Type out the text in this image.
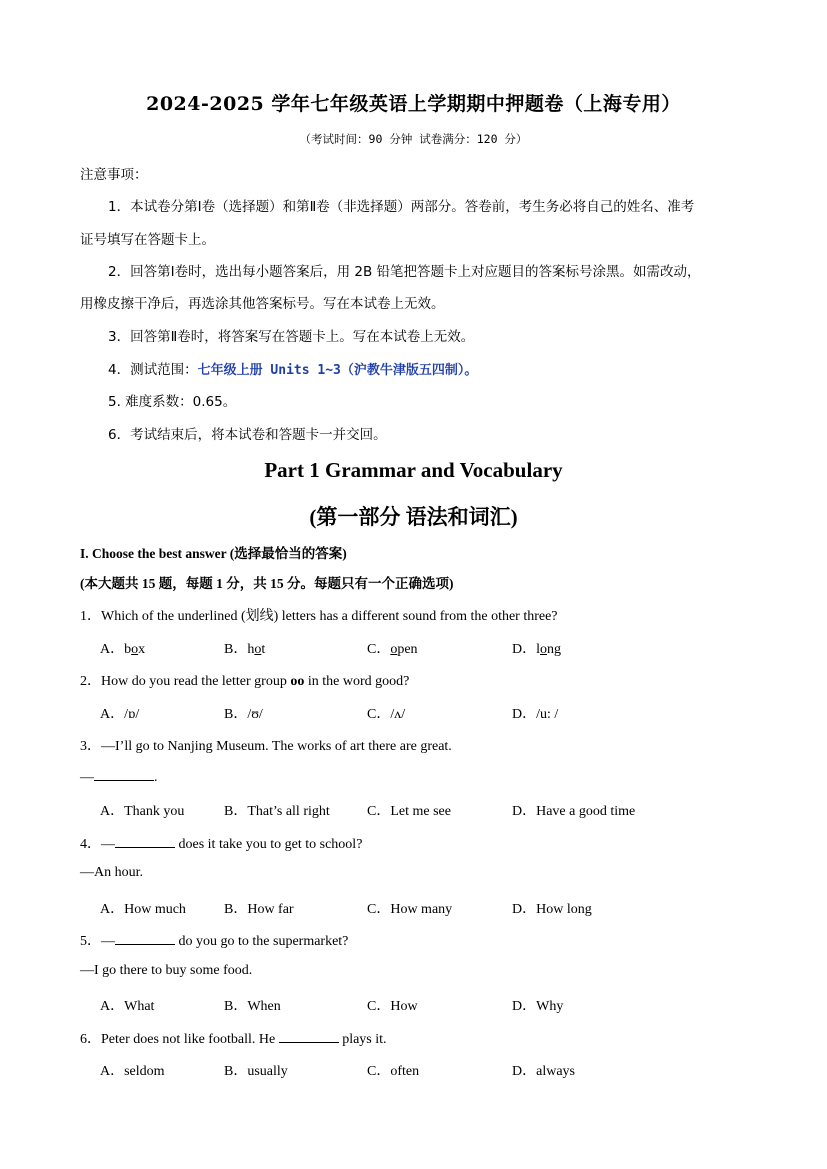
2024-2025 学年七年级英语上学期期中押题卷（上海专用）
（考试时间：90 分钟 试卷满分：120 分）
注意事项：
1．本试卷分第Ⅰ卷（选择题）和第Ⅱ卷（非选择题）两部分。答卷前，考生务必将自己的姓名、准考
证号填写在答题卡上。
2．回答第Ⅰ卷时，选出每小题答案后，用 2B 铅笔把答题卡上对应题目的答案标号涂黑。如需改动，
用橡皮擦干净后，再选涂其他答案标号。写在本试卷上无效。
3．回答第Ⅱ卷时，将答案写在答题卡上。写在本试卷上无效。
4．测试范围：七年级上册 Units 1~3（沪教牛津版五四制）。
5. 难度系数：0.65。
6．考试结束后，将本试卷和答题卡一并交回。
Part 1 Grammar and Vocabulary
(第一部分 语法和词汇)
I. Choose the best answer (选择最恰当的答案)
(本大题共 15 题，每题 1 分，共 15 分。每题只有一个正确选项)
1．Which of the underlined (划线) letters has a different sound from the other three?
A．box	B．hot	C．open	D．long
2．How do you read the letter group oo in the word good?
A．/ɒ/	B．/ʊ/	C．/ʌ/	D．/u: /
3．—I’ll go to Nanjing Museum. The works of art there are great.
—	.
A．Thank you	B．That’s all right	C．Let me see	D．Have a good time
4．—	does it take you to get to school?
—An hour.
A．How much	B．How far	C．How many	D．How long
5．—	do you go to the supermarket?
—I go there to buy some food.
A．What	B．When	C．How	D．Why
6．Peter does not like football. He	plays it.
A．seldom	B．usually	C．often	D．always
